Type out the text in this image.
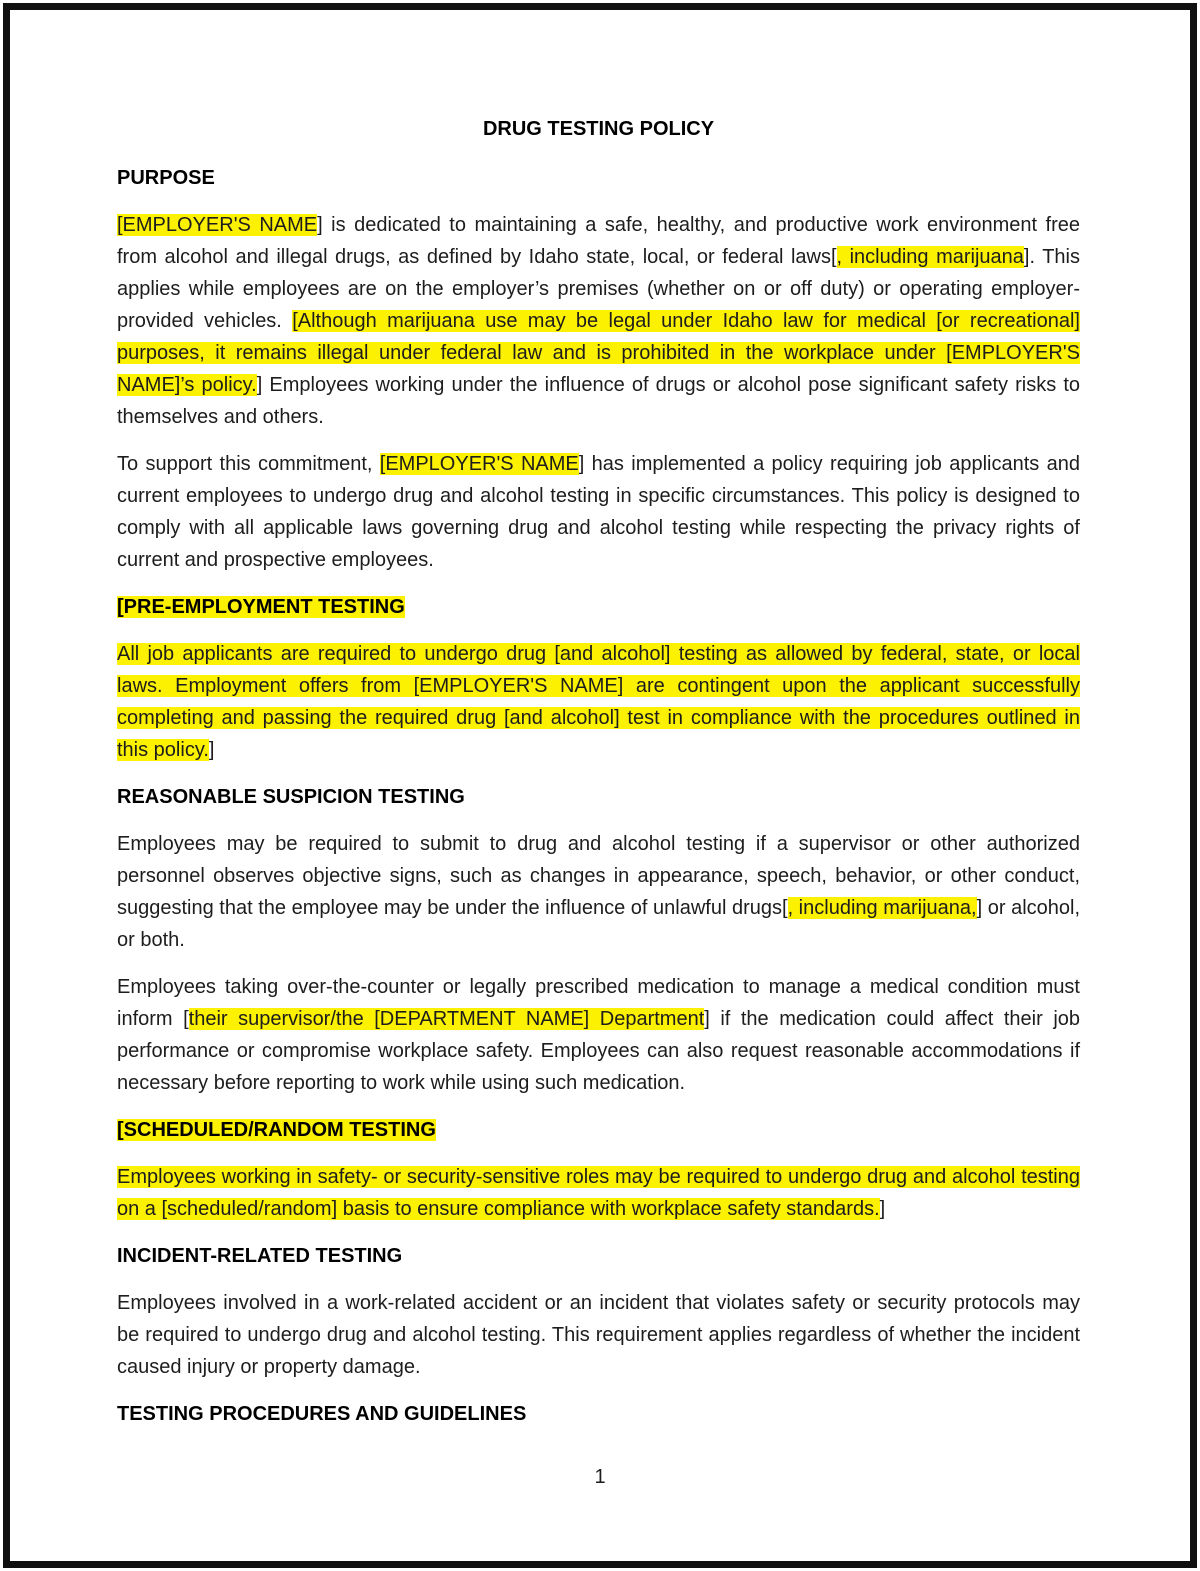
DRUG TESTING POLICY
PURPOSE
[EMPLOYER'S NAME] is dedicated to maintaining a safe, healthy, and productive work environment free from alcohol and illegal drugs, as defined by Idaho state, local, or federal laws[, including marijuana]. This applies while employees are on the employer’s premises (whether on or off duty) or operating employer-provided vehicles. [Although marijuana use may be legal under Idaho law for medical [or recreational] purposes, it remains illegal under federal law and is prohibited in the workplace under [EMPLOYER'S NAME]’s policy.] Employees working under the influence of drugs or alcohol pose significant safety risks to themselves and others.
To support this commitment, [EMPLOYER'S NAME] has implemented a policy requiring job applicants and current employees to undergo drug and alcohol testing in specific circumstances. This policy is designed to comply with all applicable laws governing drug and alcohol testing while respecting the privacy rights of current and prospective employees.
[PRE-EMPLOYMENT TESTING
All job applicants are required to undergo drug [and alcohol] testing as allowed by federal, state, or local laws. Employment offers from [EMPLOYER'S NAME] are contingent upon the applicant successfully completing and passing the required drug [and alcohol] test in compliance with the procedures outlined in this policy.]
REASONABLE SUSPICION TESTING
Employees may be required to submit to drug and alcohol testing if a supervisor or other authorized personnel observes objective signs, such as changes in appearance, speech, behavior, or other conduct, suggesting that the employee may be under the influence of unlawful drugs[, including marijuana,] or alcohol, or both.
Employees taking over-the-counter or legally prescribed medication to manage a medical condition must inform [their supervisor/the [DEPARTMENT NAME] Department] if the medication could affect their job performance or compromise workplace safety. Employees can also request reasonable accommodations if necessary before reporting to work while using such medication.
[SCHEDULED/RANDOM TESTING
Employees working in safety- or security-sensitive roles may be required to undergo drug and alcohol testing on a [scheduled/random] basis to ensure compliance with workplace safety standards.]
INCIDENT-RELATED TESTING
Employees involved in a work-related accident or an incident that violates safety or security protocols may be required to undergo drug and alcohol testing. This requirement applies regardless of whether the incident caused injury or property damage.
TESTING PROCEDURES AND GUIDELINES
1
